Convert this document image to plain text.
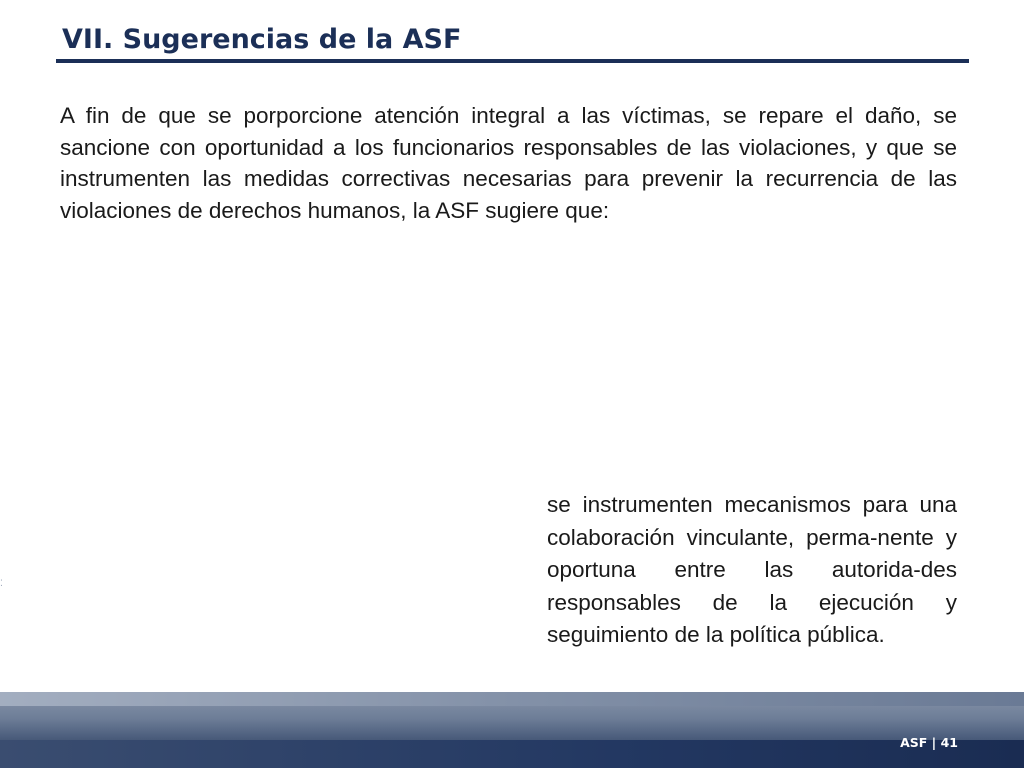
VII. Sugerencias de la ASF

A fin de que se porporcione atención integral a las víctimas, se repare el daño, se sancione con oportunidad a los funcionarios responsables de las violaciones, y que se instrumenten las medidas correctivas necesarias para prevenir la recurrencia de las violaciones de derechos humanos, la ASF sugiere que:

se instrumenten mecanismos para una colaboración vinculante, perma-nente y oportuna entre las autorida-des responsables de la ejecución y seguimiento de la política pública.

⁚
ASF | 41
